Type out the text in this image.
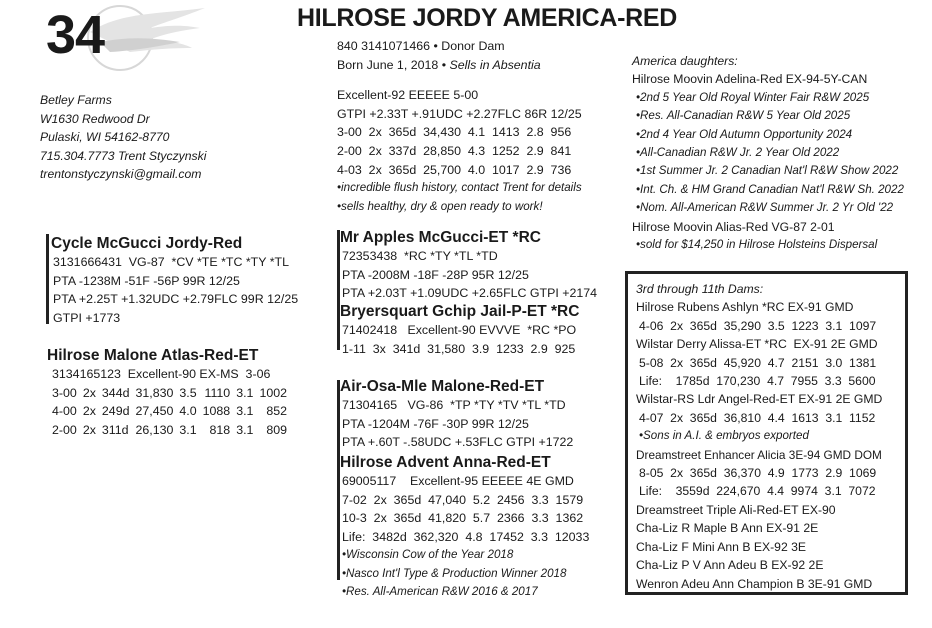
34	HILROSE JORDY AMERICA-RED
Betley Farms
W1630 Redwood Dr
Pulaski, WI 54162-8770
715.304.7773 Trent Styczynski
trentonstyczynski@gmail.com
840 3141071466 • Donor Dam
Born June 1, 2018 • Sells in Absentia
Excellent-92 EEEEE 5-00
GTPI +2.33T +.91UDC +2.27FLC 86R 12/25
3-00  2x  365d  34,430  4.1  1413  2.8  956
2-00  2x  337d  28,850  4.3  1252  2.9  841
4-03  2x  365d  25,700  4.0  1017  2.9  736
•incredible flush history, contact Trent for details
•sells healthy, dry & open ready to work!
Cycle McGucci Jordy-Red
3131666431  VG-87  *CV *TE *TC *TY *TL
PTA -1238M -51F -56P 99R 12/25
PTA +2.25T +1.32UDC +2.79FLC 99R 12/25
GTPI +1773
Hilrose Malone Atlas-Red-ET
3134165123  Excellent-90 EX-MS  3-06
3-00	2x	344d	31,830	3.5	1110	3.1	1002
4-00	2x	249d	27,450	4.0	1088	3.1	852
2-00	2x	311d	26,130	3.1	818	3.1	809
Mr Apples McGucci-ET *RC
72353438  *RC *TY *TL *TD
PTA -2008M -18F -28P 95R 12/25
PTA +2.03T +1.09UDC +2.65FLC GTPI +2174
Bryersquart Gchip Jail-P-ET *RC
71402418   Excellent-90 EVVVE  *RC *PO
1-11  3x  341d  31,580  3.9  1233  2.9  925
Air-Osa-Mle Malone-Red-ET
71304165   VG-86  *TP *TY *TV *TL *TD
PTA -1204M -76F -30P 99R 12/25
PTA +.60T -.58UDC +.53FLC GTPI +1722
Hilrose Advent Anna-Red-ET
69005117    Excellent-95 EEEEE 4E GMD
7-02  2x  365d  47,040  5.2  2456  3.3  1579
10-3  2x  365d  41,820  5.7  2366  3.3  1362
Life:  3482d  362,320  4.8  17452  3.3  12033
•Wisconsin Cow of the Year 2018
•Nasco Int'l Type & Production Winner 2018
•Res. All-American R&W 2016 & 2017
America daughters:
Hilrose Moovin Adelina-Red EX-94-5Y-CAN
•2nd 5 Year Old Royal Winter Fair R&W 2025
•Res. All-Canadian R&W 5 Year Old 2025
•2nd 4 Year Old Autumn Opportunity 2024
•All-Canadian R&W Jr. 2 Year Old 2022
•1st Summer Jr. 2 Canadian Nat'l R&W Show 2022
•Int. Ch. & HM Grand Canadian Nat'l R&W Sh. 2022
•Nom. All-American R&W Summer Jr. 2 Yr Old '22
Hilrose Moovin Alias-Red VG-87 2-01
•sold for $14,250 in Hilrose Holsteins Dispersal
3rd through 11th Dams:
Hilrose Rubens Ashlyn *RC EX-91 GMD
4-06  2x  365d  35,290  3.5  1223  3.1  1097
Wilstar Derry Alissa-ET *RC  EX-91 2E GMD
5-08  2x  365d  45,920  4.7  2151  3.0  1381
Life:    1785d  170,230  4.7  7955  3.3  5600
Wilstar-RS Ldr Angel-Red-ET EX-91 2E GMD
4-07  2x  365d  36,810  4.4  1613  3.1  1152
•Sons in A.I. & embryos exported
Dreamstreet Enhancer Alicia 3E-94 GMD DOM
8-05  2x  365d  36,370  4.9  1773  2.9  1069
Life:    3559d  224,670  4.4  9974  3.1  7072
Dreamstreet Triple Ali-Red-ET EX-90
Cha-Liz R Maple B Ann EX-91 2E
Cha-Liz F Mini Ann B EX-92 3E
Cha-Liz P V Ann Adeu B EX-92 2E
Wenron Adeu Ann Champion B 3E-91 GMD
